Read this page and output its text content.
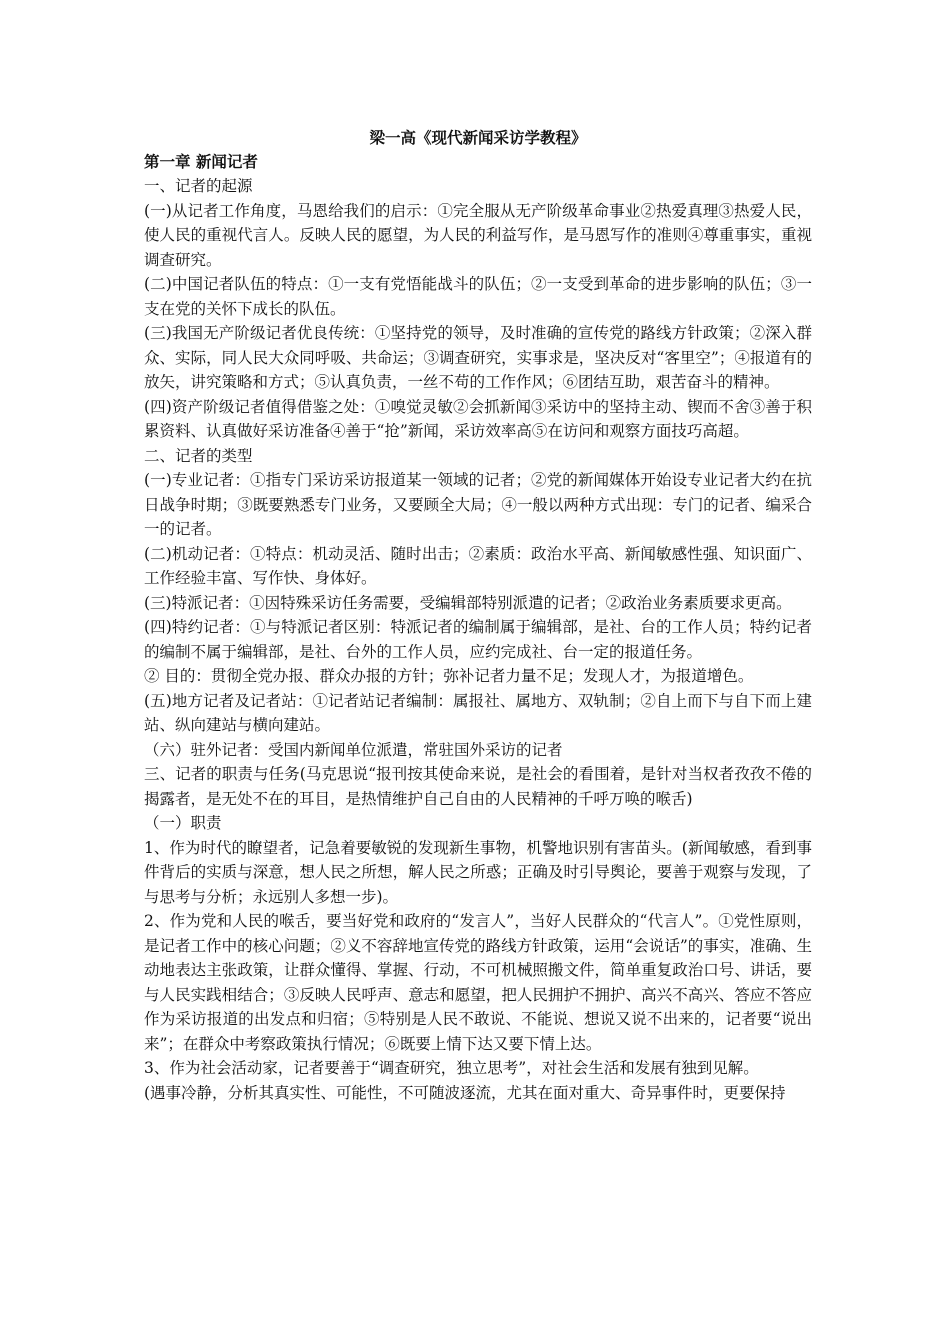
梁一高《现代新闻采访学教程》

第一章 新闻记者

一、记者的起源

(一)从记者工作角度，马恩给我们的启示：①完全服从无产阶级革命事业②热爱真理③热爱人民，使人民的重视代言人。反映人民的愿望，为人民的利益写作，是马恩写作的准则④尊重事实，重视调查研究。

(二)中国记者队伍的特点：①一支有党悟能战斗的队伍；②一支受到革命的进步影响的队伍；③一支在党的关怀下成长的队伍。

(三)我国无产阶级记者优良传统：①坚持党的领导，及时准确的宣传党的路线方针政策；②深入群众、实际，同人民大众同呼吸、共命运；③调查研究，实事求是，坚决反对“客里空”；④报道有的放矢，讲究策略和方式；⑤认真负责，一丝不苟的工作作风；⑥团结互助，艰苦奋斗的精神。

(四)资产阶级记者值得借鉴之处：①嗅觉灵敏②会抓新闻③采访中的坚持主动、锲而不舍③善于积累资料、认真做好采访准备④善于“抢”新闻，采访效率高⑤在访问和观察方面技巧高超。

二、记者的类型

(一)专业记者：①指专门采访采访报道某一领域的记者；②党的新闻媒体开始设专业记者大约在抗日战争时期；③既要熟悉专门业务，又要顾全大局；④一般以两种方式出现：专门的记者、编采合一的记者。

(二)机动记者：①特点：机动灵活、随时出击；②素质：政治水平高、新闻敏感性强、知识面广、工作经验丰富、写作快、身体好。

(三)特派记者：①因特殊采访任务需要，受编辑部特别派遣的记者；②政治业务素质要求更高。

(四)特约记者：①与特派记者区别：特派记者的编制属于编辑部，是社、台的工作人员；特约记者的编制不属于编辑部，是社、台外的工作人员，应约完成社、台一定的报道任务。

② 目的：贯彻全党办报、群众办报的方针；弥补记者力量不足；发现人才，为报道增色。

(五)地方记者及记者站：①记者站记者编制：属报社、属地方、双轨制；②自上而下与自下而上建站、纵向建站与横向建站。

（六）驻外记者：受国内新闻单位派遣，常驻国外采访的记者

三、记者的职责与任务(马克思说“报刊按其使命来说，是社会的看围着，是针对当权者孜孜不倦的揭露者，是无处不在的耳目，是热情维护自己自由的人民精神的千呼万唤的喉舌)

（一）职责

1、作为时代的瞭望者，记急着要敏锐的发现新生事物，机警地识别有害苗头。(新闻敏感，看到事件背后的实质与深意，想人民之所想，解人民之所惑；正确及时引导舆论，要善于观察与发现，了与思考与分析；永远别人多想一步)。

2、作为党和人民的喉舌，要当好党和政府的“发言人”，当好人民群众的“代言人”。①党性原则，是记者工作中的核心问题；②义不容辞地宣传党的路线方针政策，运用“会说话”的事实，准确、生动地表达主张政策，让群众懂得、掌握、行动，不可机械照搬文件，简单重复政治口号、讲话，要与人民实践相结合；③反映人民呼声、意志和愿望，把人民拥护不拥护、高兴不高兴、答应不答应作为采访报道的出发点和归宿；⑤特别是人民不敢说、不能说、想说又说不出来的，记者要“说出来”；在群众中考察政策执行情况；⑥既要上情下达又要下情上达。

3、作为社会活动家，记者要善于“调查研究，独立思考”，对社会生活和发展有独到见解。

(遇事冷静，分析其真实性、可能性，不可随波逐流，尤其在面对重大、奇异事件时，更要保持
